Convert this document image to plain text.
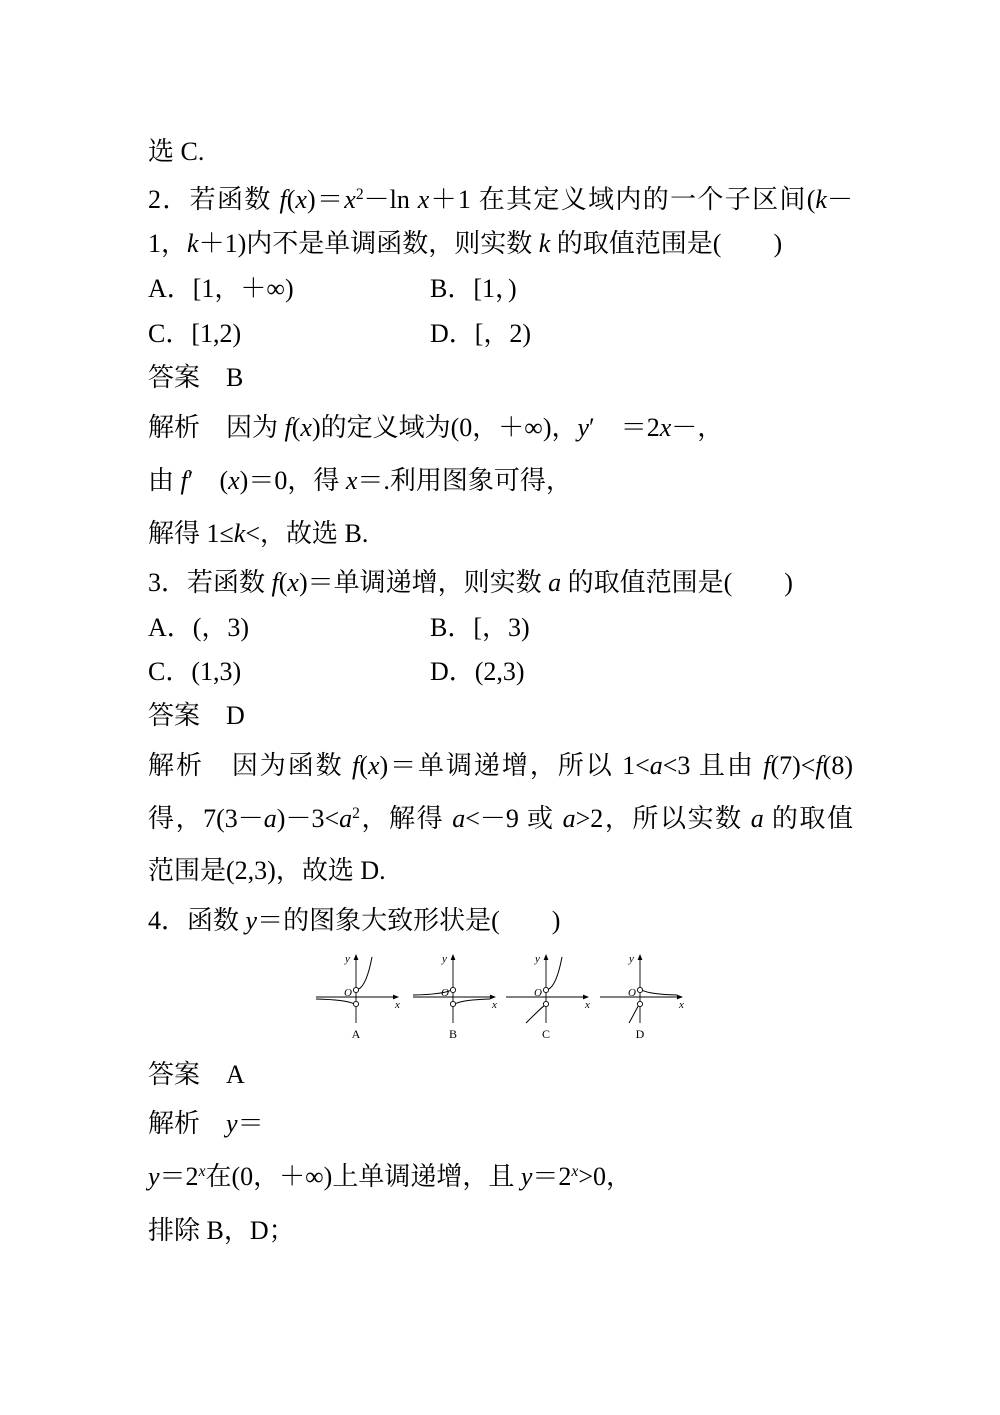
选 C.
2．若函数 $f(x)=x^2-\ln$ x＋1 在其定义域内的一个子区间(k－
1，k＋1)内不是单调函数，则实数 k 的取值范围是(　　)
A．[1，＋∞)	B．[1，)
C．[1,2)	D．[，2)
答案　B
解析　因为 f(x)的定义域为(0，＋∞)，y′　＝2x－，
由 f′　(x)＝0，得 x＝.利用图象可得，
解得 1≤k<，故选 B.
3．若函数 f(x)＝单调递增，则实数 a 的取值范围是(　　)
A．(，3)	B．[，3)
C．(1,3)	D．(2,3)
答案　D
解析　因为函数 f(x)＝单调递增，所以 1<a<3 且由 f(7)<f(8)
得，$7(3-a)-3<a^2$，解得 a<－9 或 a>2，所以实数 a 的取值
范围是(2,3)，故选 D.
4．函数 y＝的图象大致形状是(　　)
y
O
x
A
y
O
x
B
y
O
x
C
y
O
x
D
答案　A
解析　y＝
$y=2^x$在(0，＋∞)上单调递增，且 $y=2^x>0$，
排除 B，D；
